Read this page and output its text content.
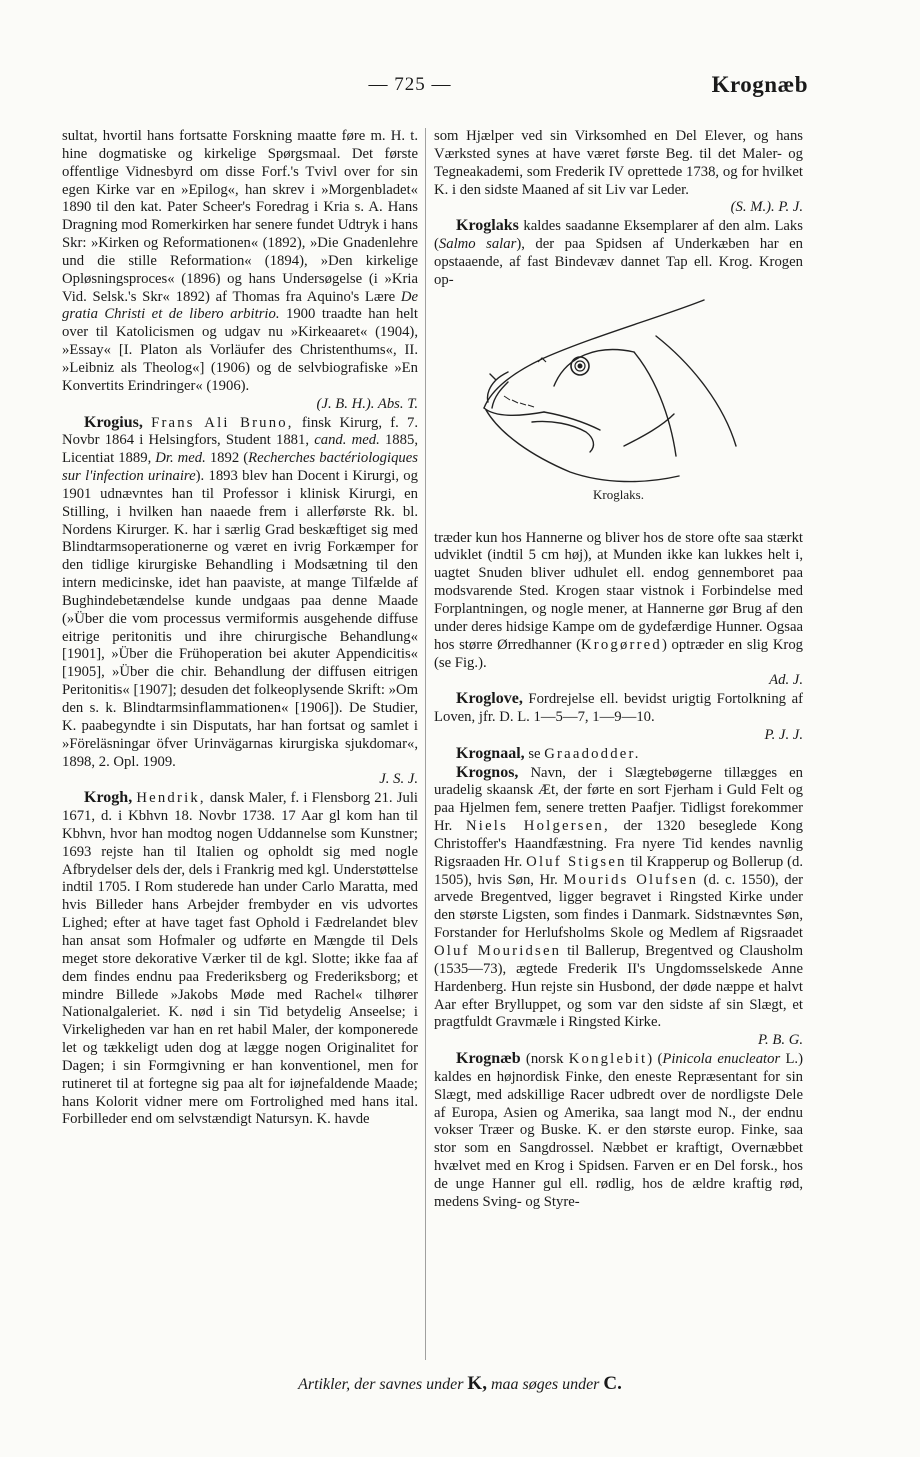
— 725 —	Krognæb

sultat, hvortil hans fortsatte Forskning maatte føre m. H. t. hine dogmatiske og kirkelige Spørgsmaal. Det første offentlige Vidnesbyrd om disse Forf.'s Tvivl over for sin egen Kirke var en »Epilog«, han skrev i »Morgenbladet« 1890 til den kat. Pater Scheer's Foredrag i Kria s. A. Hans Dragning mod Romerkirken har senere fundet Udtryk i hans Skr: »Kirken og Reformationen« (1892), »Die Gnadenlehre und die stille Reformation« (1894), »Den kirkelige Opløsningsproces« (1896) og hans Undersøgelse (i »Kria Vid. Selsk.'s Skr« 1892) af Thomas fra Aquino's Lære De gratia Christi et de libero arbitrio. 1900 traadte han helt over til Katolicismen og udgav nu »Kirkeaaret« (1904), »Essay« [I. Platon als Vorläufer des Christenthums«, II. »Leibniz als Theolog«] (1906) og de selvbiografiske »En Konvertits Erindringer« (1906).
(J. B. H.). Abs. T.

Krogius, Frans Ali Bruno, finsk Kirurg, f. 7. Novbr 1864 i Helsingfors, Student 1881, cand. med. 1885, Licentiat 1889, Dr. med. 1892 (Recherches bactériologiques sur l'infection urinaire). 1893 blev han Docent i Kirurgi, og 1901 udnævntes han til Professor i klinisk Kirurgi, en Stilling, i hvilken han naaede frem i allerførste Rk. bl. Nordens Kirurger. K. har i særlig Grad beskæftiget sig med Blindtarmsoperationerne og været en ivrig Forkæmper for den tidlige kirurgiske Behandling i Modsætning til den intern medicinske, idet han paaviste, at mange Tilfælde af Bughindebetændelse kunde undgaas paa denne Maade (»Über die vom processus vermiformis ausgehende diffuse eitrige peritonitis und ihre chirurgische Behandlung« [1901], »Über die Frühoperation bei akuter Appendicitis« [1905], »Über die chir. Behandlung der diffusen eitrigen Peritonitis« [1907]; desuden det folkeoplysende Skrift: »Om den s. k. Blindtarmsinflammationen« [1906]). De Studier, K. paabegyndte i sin Disputats, har han fortsat og samlet i »Föreläsningar öfver Urinvägarnas kirurgiska sjukdomar«, 1898, 2. Opl. 1909.
J. S. J.

Krogh, Hendrik, dansk Maler, f. i Flensborg 21. Juli 1671, d. i Kbhvn 18. Novbr 1738. 17 Aar gl kom han til Kbhvn, hvor han modtog nogen Uddannelse som Kunstner; 1693 rejste han til Italien og opholdt sig med nogle Afbrydelser dels der, dels i Frankrig med kgl. Understøttelse indtil 1705. I Rom studerede han under Carlo Maratta, med hvis Billeder hans Arbejder frembyder en vis udvortes Lighed; efter at have taget fast Ophold i Fædrelandet blev han ansat som Hofmaler og udførte en Mængde til Dels meget store dekorative Værker til de kgl. Slotte; ikke faa af dem findes endnu paa Frederiksberg og Frederiksborg; et mindre Billede »Jakobs Møde med Rachel« tilhører Nationalgaleriet. K. nød i sin Tid betydelig Anseelse; i Virkeligheden var han en ret habil Maler, der komponerede let og tækkeligt uden dog at lægge nogen Originalitet for Dagen; i sin Formgivning er han konventionel, men for rutineret til at fortegne sig paa alt for iøjnefaldende Maade; hans Kolorit vidner mere om Fortrolighed med hans ital. Forbilleder end om selvstændigt Natursyn. K. havde

som Hjælper ved sin Virksomhed en Del Elever, og hans Værksted synes at have været første Beg. til det Maler- og Tegneakademi, som Frederik IV oprettede 1738, og for hvilket K. i den sidste Maaned af sit Liv var Leder.
(S. M.). P. J.

Kroglaks kaldes saadanne Eksemplarer af den alm. Laks (Salmo salar), der paa Spidsen af Underkæben har en opstaaende, af fast Bindevæv dannet Tap ell. Krog. Krogen op-

Kroglaks.

træder kun hos Hannerne og bliver hos de store ofte saa stærkt udviklet (indtil 5 cm høj), at Munden ikke kan lukkes helt i, uagtet Snuden bliver udhulet ell. endog gennemboret paa modsvarende Sted. Krogen staar vistnok i Forbindelse med Forplantningen, og nogle mener, at Hannerne gør Brug af den under deres hidsige Kampe om de gydefærdige Hunner. Ogsaa hos større Ørredhanner (Krogørred) optræder en slig Krog (se Fig.).
Ad. J.

Kroglove, Fordrejelse ell. bevidst urigtig Fortolkning af Loven, jfr. D. L. 1—5—7, 1—9—10.
P. J. J.

Krognaal, se Graadodder.

Krognos, Navn, der i Slægtebøgerne tillægges en uradelig skaansk Æt, der førte en sort Fjerham i Guld Felt og paa Hjelmen fem, senere tretten Paafjer. Tidligst forekommer Hr. Niels Holgersen, der 1320 beseglede Kong Christoffer's Haandfæstning. Fra nyere Tid kendes navnlig Rigsraaden Hr. Oluf Stigsen til Krapperup og Bollerup (d. 1505), hvis Søn, Hr. Mourids Olufsen (d. c. 1550), der arvede Bregentved, ligger begravet i Ringsted Kirke under den største Ligsten, som findes i Danmark. Sidstnævntes Søn, Forstander for Herlufsholms Skole og Medlem af Rigsraadet Oluf Mouridsen til Ballerup, Bregentved og Clausholm (1535—73), ægtede Frederik II's Ungdomsselskede Anne Hardenberg. Hun rejste sin Husbond, der døde næppe et halvt Aar efter Brylluppet, og som var den sidste af sin Slægt, et pragtfuldt Gravmæle i Ringsted Kirke.
P. B. G.

Krognæb (norsk Konglebit) (Pinicola enucleator L.) kaldes en højnordisk Finke, den eneste Repræsentant for sin Slægt, med adskillige Racer udbredt over de nordligste Dele af Europa, Asien og Amerika, saa langt mod N., der endnu vokser Træer og Buske. K. er den største europ. Finke, saa stor som en Sangdrossel. Næbbet er kraftigt, Overnæbbet hvælvet med en Krog i Spidsen. Farven er en Del forsk., hos de unge Hanner gul ell. rødlig, hos de ældre kraftig rød, medens Sving- og Styre-

Artikler, der savnes under K, maa søges under C.
